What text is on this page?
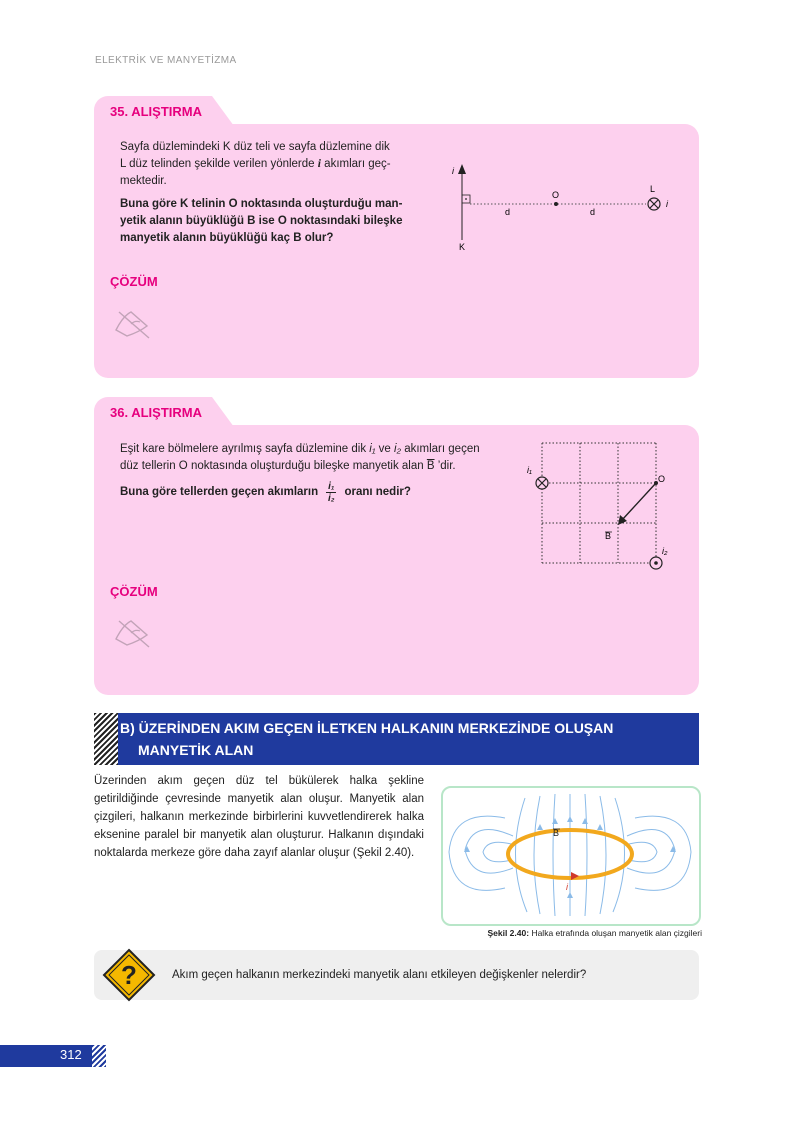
ELEKTRİK VE MANYETİZMA
35. ALIŞTIRMA
Sayfa düzlemindeki K düz teli ve sayfa düzlemine dik
L düz telinden şekilde verilen yönlerde i akımları geç-
mektedir.
Buna göre K telinin O noktasında oluşturduğu man-
yetik alanın büyüklüğü B ise O noktasındaki bileşke
manyetik alanın büyüklüğü kaç B olur?
i
K
O
d	d
L
i
ÇÖZÜM
36. ALIŞTIRMA
Eşit kare bölmelere ayrılmış sayfa düzlemine dik i₁ ve i₂ akımları geçen
düz tellerin O noktasında oluşturduğu bileşke manyetik alan $\overline{B}$ ’dir.
Buna göre tellerden geçen akımların i₁
i₂
oranı nedir?
i₁
O
B
i₂
ÇÖZÜM
B) ÜZERİNDEN AKIM GEÇEN İLETKEN HALKANIN MERKEZİNDE OLUŞAN
MANYETİK ALAN
Üzerinden akım geçen düz tel bükülerek halka şekline getirildiğinde çevresinde manyetik alan oluşur. Manyetik alan çizgileri, halkanın merkezinde birbirlerini kuvvetlendirerek halka eksenine paralel bir manyetik alan oluşturur. Halkanın dışındaki noktalarda merkeze göre daha zayıf alanlar oluşur (Şekil 2.40).
i
B
Şekil 2.40: Halka etrafında oluşan manyetik alan çizgileri
?	Akım geçen halkanın merkezindeki manyetik alanı etkileyen değişkenler nelerdir?
312
